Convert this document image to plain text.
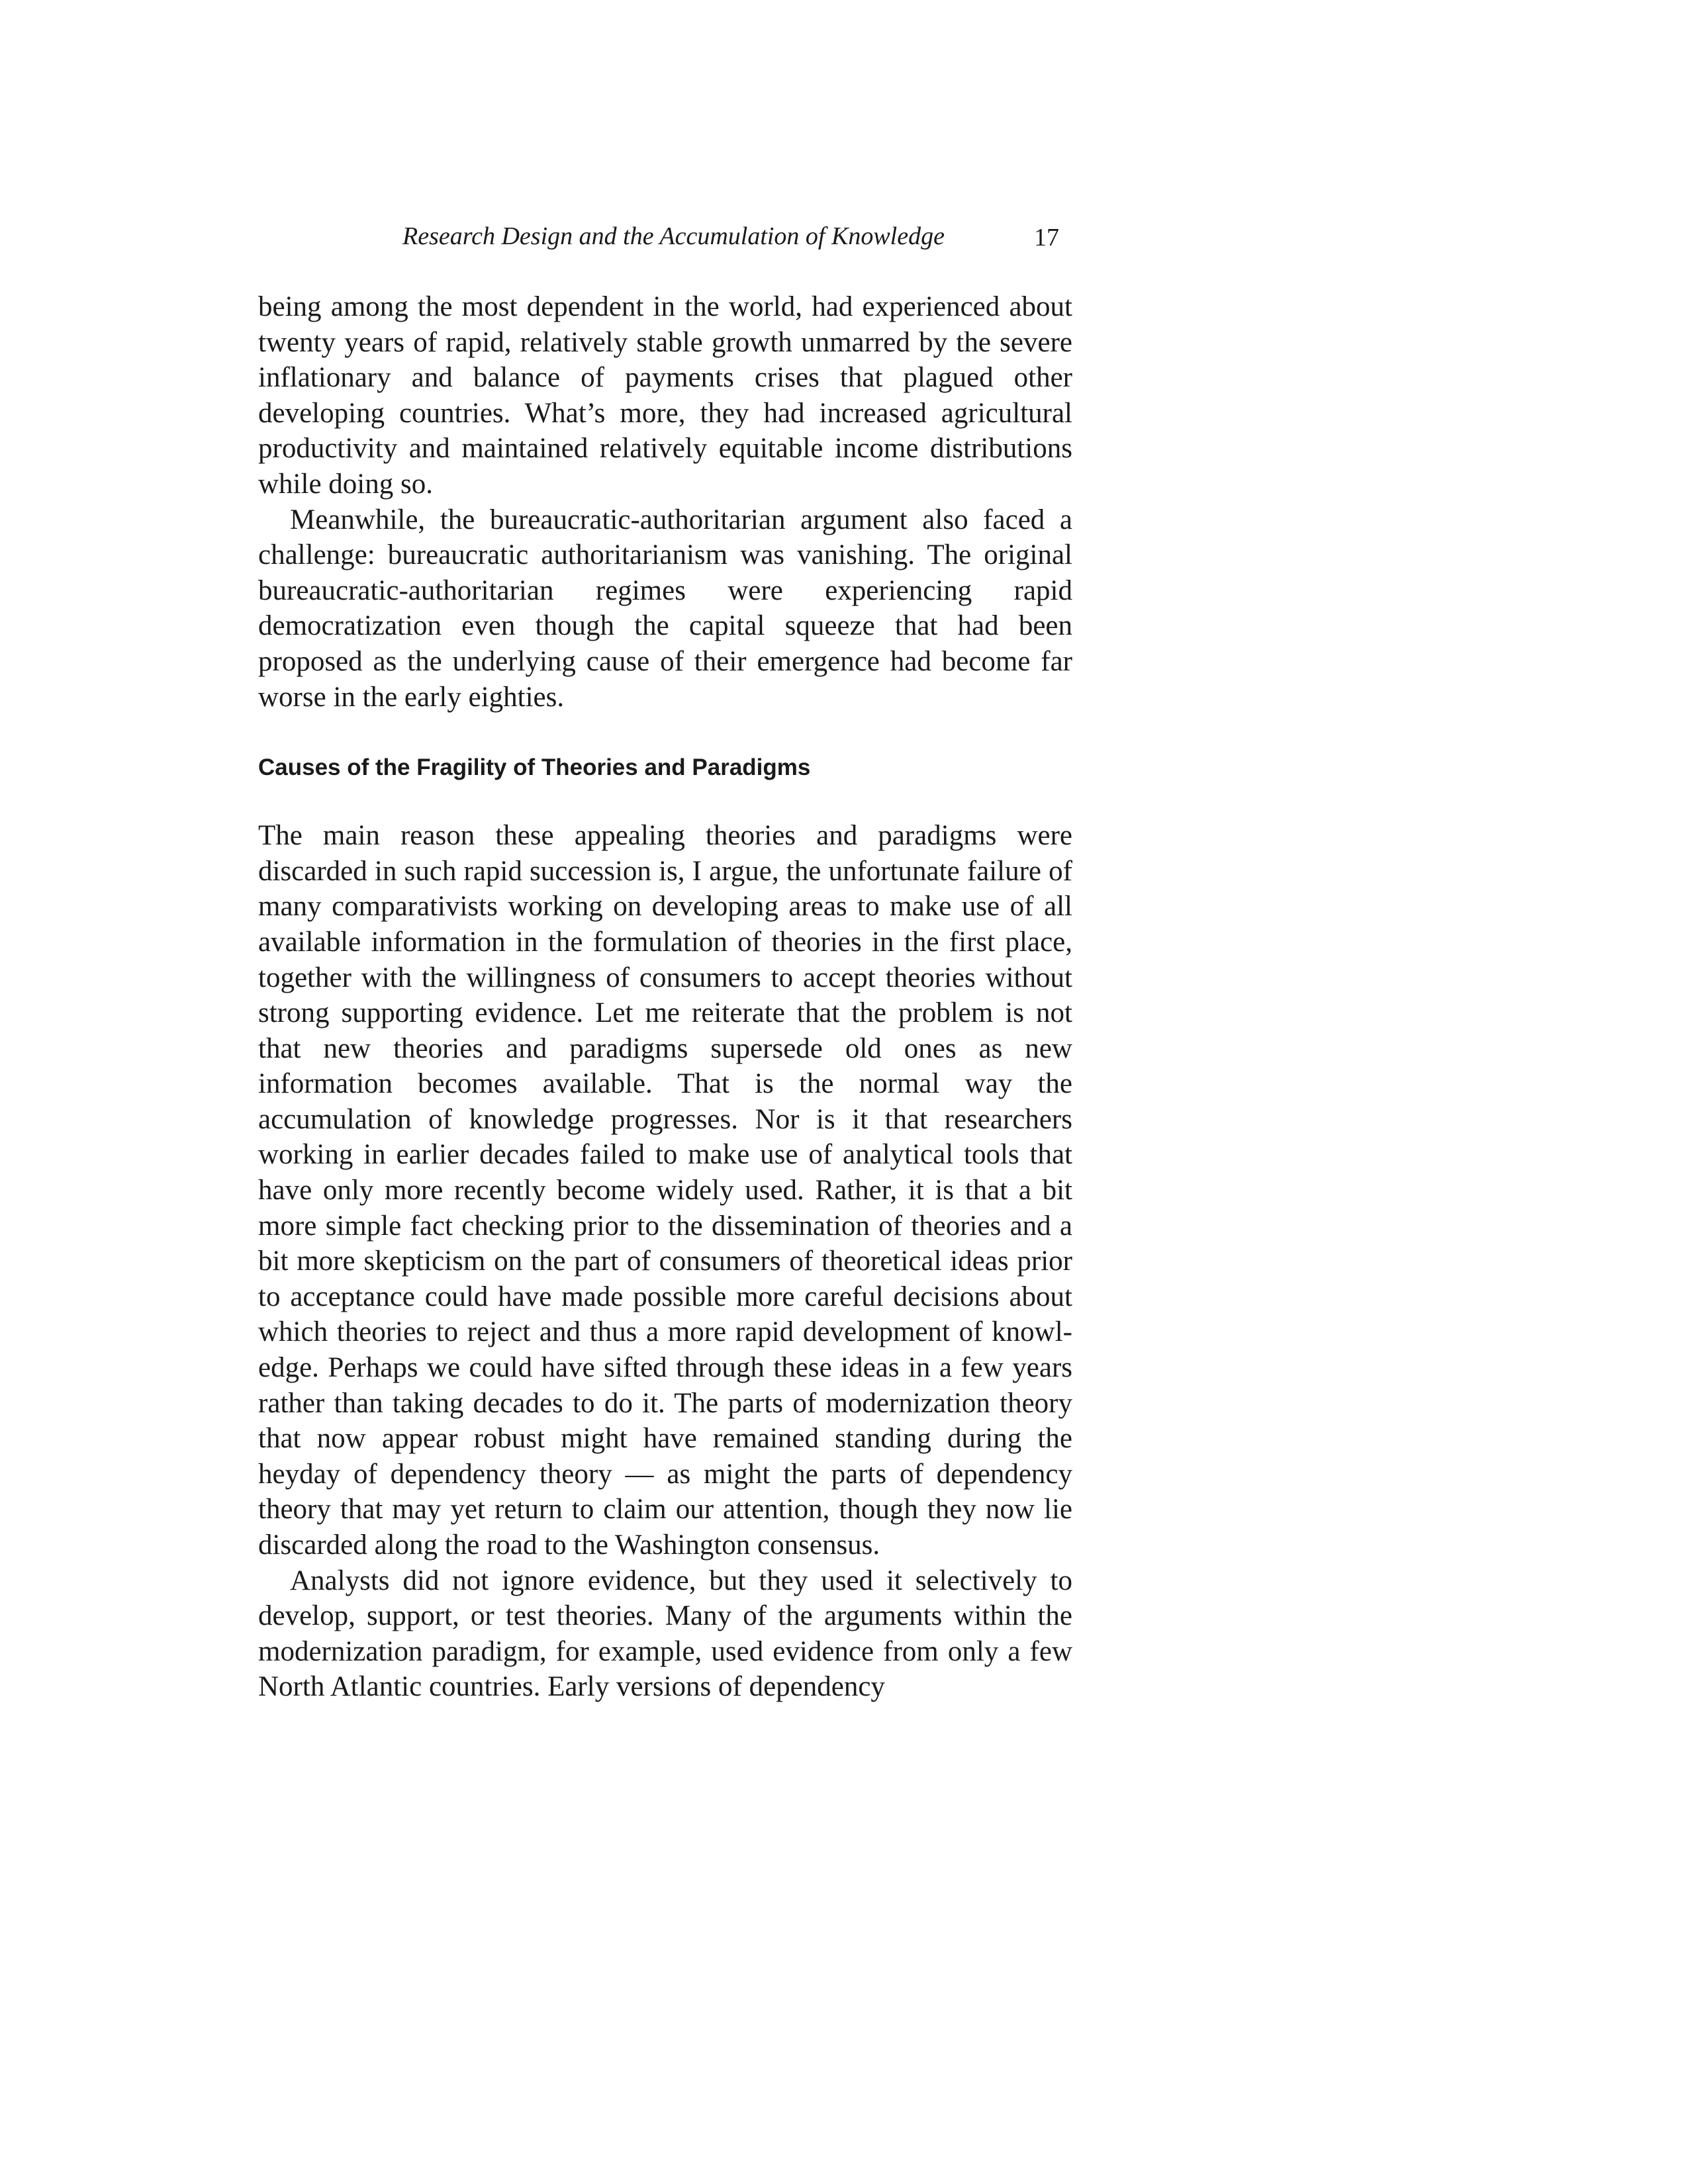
Research Design and the Accumulation of Knowledge	17

being among the most dependent in the world, had experienced about twenty years of rapid, relatively stable growth unmarred by the severe inflationary and balance of payments crises that plagued other developing countries. What’s more, they had increased agricultural productivity and maintained relatively equitable income distributions while doing so.

Meanwhile, the bureaucratic-authoritarian argument also faced a challenge: bureaucratic authoritarianism was vanishing. The original bureaucratic-authoritarian regimes were experiencing rapid democratization even though the capital squeeze that had been proposed as the underlying cause of their emergence had become far worse in the early eighties.

Causes of the Fragility of Theories and Paradigms

The main reason these appealing theories and paradigms were discarded in such rapid succession is, I argue, the unfortunate failure of many comparativists working on developing areas to make use of all available information in the formulation of theories in the first place, together with the willingness of consumers to accept theories without strong supporting evidence. Let me reiterate that the problem is not that new theories and paradigms supersede old ones as new information becomes available. That is the normal way the accumulation of knowledge progresses. Nor is it that researchers working in earlier decades failed to make use of analytical tools that have only more recently become widely used. Rather, it is that a bit more simple fact checking prior to the dissemination of theories and a bit more skepticism on the part of consumers of theoretical ideas prior to acceptance could have made possible more careful decisions about which theories to reject and thus a more rapid development of knowledge. Perhaps we could have sifted through these ideas in a few years rather than taking decades to do it. The parts of modernization theory that now appear robust might have remained standing during the heyday of dependency theory — as might the parts of dependency theory that may yet return to claim our attention, though they now lie discarded along the road to the Washington consensus.

Analysts did not ignore evidence, but they used it selectively to develop, support, or test theories. Many of the arguments within the modernization paradigm, for example, used evidence from only a few North Atlantic countries. Early versions of dependency
